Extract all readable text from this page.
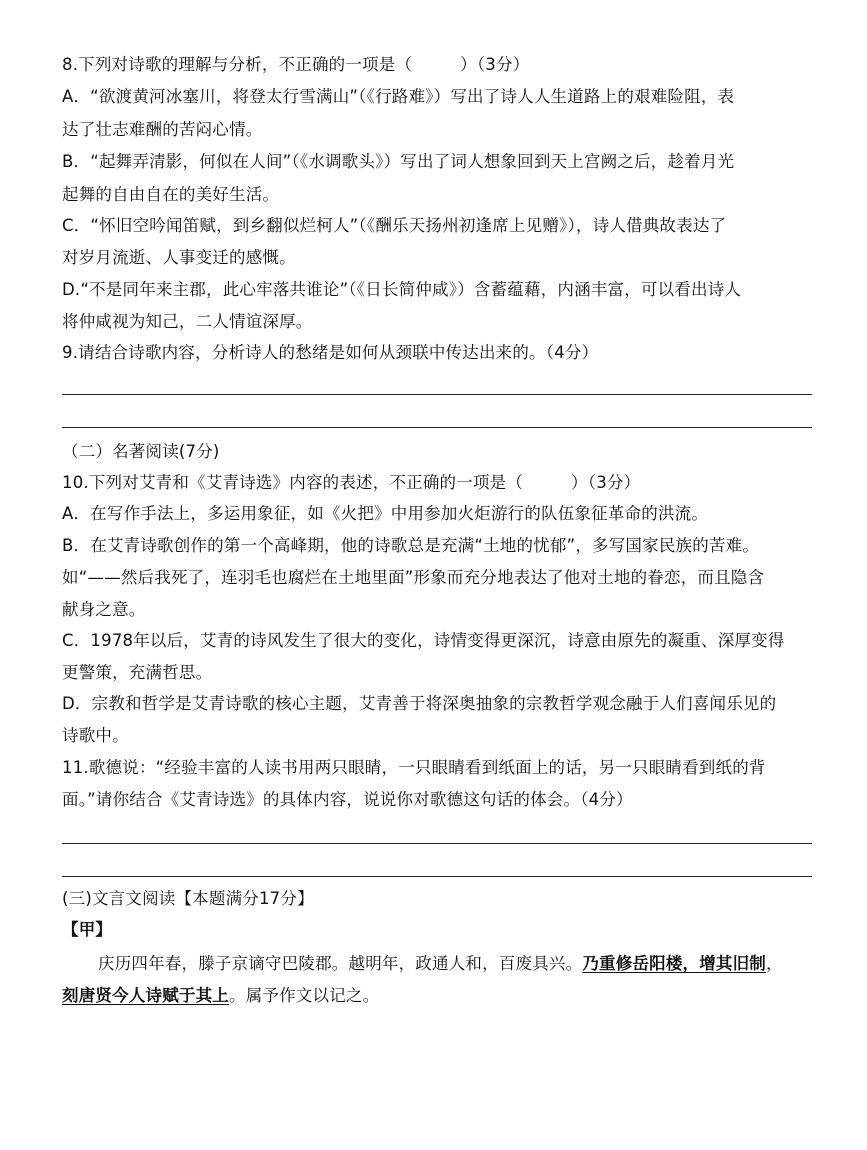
8.下列对诗歌的理解与分析，不正确的一项是（	）（3分）
A．“欲渡黄河冰塞川，将登太行雪满山”（《行路难》）写出了诗人人生道路上的艰难险阻，表
达了壮志难酬的苦闷心情。
B．“起舞弄清影，何似在人间”（《水调歌头》）写出了词人想象回到天上宫阙之后，趁着月光
起舞的自由自在的美好生活。
C．“怀旧空吟闻笛赋，到乡翻似烂柯人”（《酬乐天扬州初逢席上见赠》），诗人借典故表达了
对岁月流逝、人事变迁的感慨。
D.“不是同年来主郡，此心牢落共谁论”（《日长简仲咸》）含蓄蕴藉，内涵丰富，可以看出诗人
将仲咸视为知己，二人情谊深厚。
9.请结合诗歌内容，分析诗人的愁绪是如何从颈联中传达出来的。（4分）
（二）名著阅读(7分)
10.下列对艾青和《艾青诗选》内容的表述，不正确的一项是（	）（3分）
A．在写作手法上，多运用象征，如《火把》中用参加火炬游行的队伍象征革命的洪流。
B．在艾青诗歌创作的第一个高峰期，他的诗歌总是充满“土地的忧郁”，多写国家民族的苦难。
如“——然后我死了，连羽毛也腐烂在土地里面”形象而充分地表达了他对土地的眷恋，而且隐含
献身之意。
C．1978年以后，艾青的诗风发生了很大的变化，诗情变得更深沉，诗意由原先的凝重、深厚变得
更警策，充满哲思。
D．宗教和哲学是艾青诗歌的核心主题，艾青善于将深奥抽象的宗教哲学观念融于人们喜闻乐见的
诗歌中。
11.歌德说：“经验丰富的人读书用两只眼睛，一只眼睛看到纸面上的话，另一只眼睛看到纸的背
面。”请你结合《艾青诗选》的具体内容，说说你对歌德这句话的体会。（4分）
(三)文言文阅读【本题满分17分】
【甲】
庆历四年春，滕子京谪守巴陵郡。越明年，政通人和，百废具兴。乃重修岳阳楼，增其旧制，
刻唐贤今人诗赋于其上。属予作文以记之。
